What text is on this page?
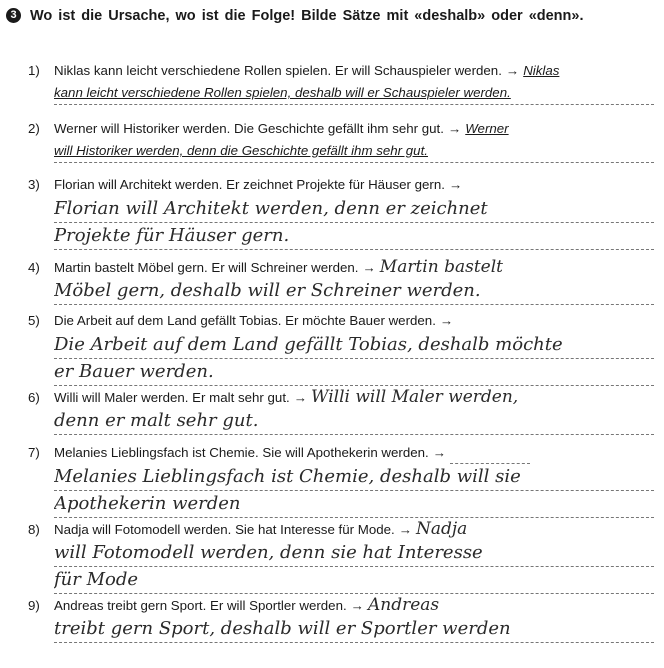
3 Wo ist die Ursache, wo ist die Folge! Bilde Sätze mit «deshalb» oder «denn».
1) Niklas kann leicht verschiedene Rollen spielen. Er will Schauspieler werden. → Niklas
kann leicht verschiedene Rollen spielen, deshalb will er Schauspieler werden.
2) Werner will Historiker werden. Die Geschichte gefällt ihm sehr gut. → Werner
will Historiker werden, denn die Geschichte gefällt ihm sehr gut.
3) Florian will Architekt werden. Er zeichnet Projekte für Häuser gern. →
Florian will Architekt werden, denn er zeichnet
Projekte für Häuser gern.
4) Martin bastelt Möbel gern. Er will Schreiner werden. → Martin bastelt
Möbel gern, deshalb will er Schreiner werden.
5) Die Arbeit auf dem Land gefällt Tobias. Er möchte Bauer werden. →
Die Arbeit auf dem Land gefällt Tobias, deshalb möchte
er Bauer werden.
6) Willi will Maler werden. Er malt sehr gut. → Willi will Maler werden,
denn er malt sehr gut.
7) Melanies Lieblingsfach ist Chemie. Sie will Apothekerin werden. →
Melanies Lieblingsfach ist Chemie, deshalb will sie
Apothekerin werden
8) Nadja will Fotomodell werden. Sie hat Interesse für Mode. → Nadja
will Fotomodell werden, denn sie hat Interesse
für Mode
9) Andreas treibt gern Sport. Er will Sportler werden. → Andreas
treibt gern Sport, deshalb will er Sportler werden
